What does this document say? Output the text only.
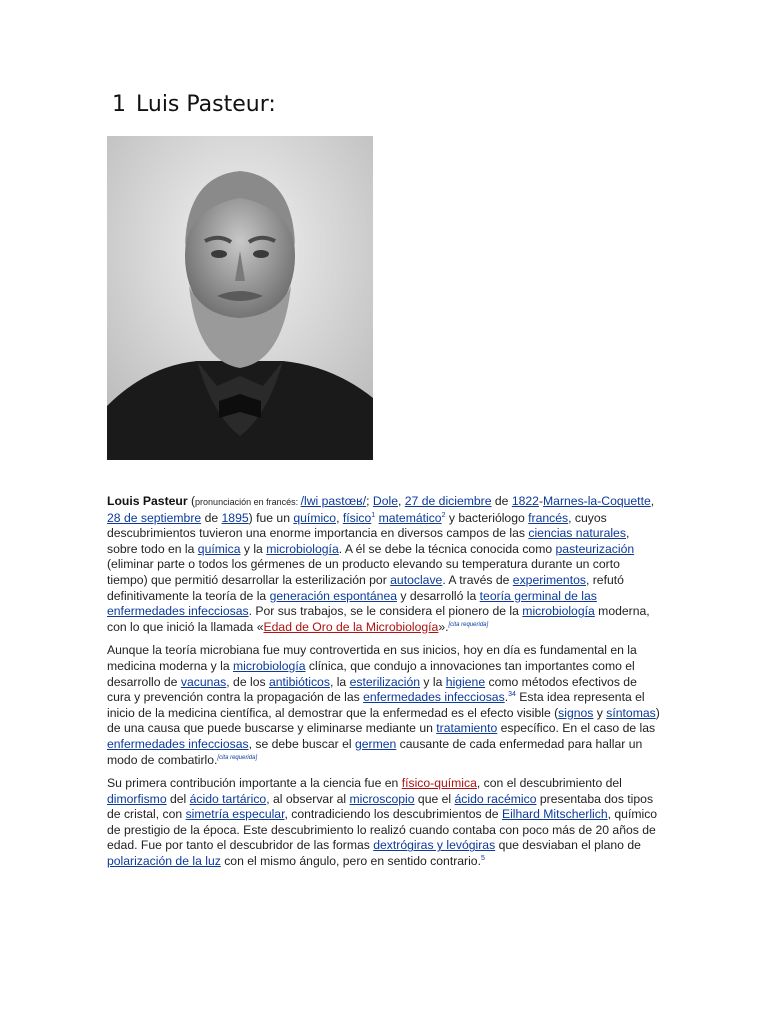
1 Luis Pasteur:

Louis Pasteur (pronunciación en francés: /lwi pastœʁ/; Dole, 27 de diciembre de 1822-Marnes-la-Coquette, 28 de septiembre de 1895) fue un químico, físico$^1$ matemático$^2$ y bacteriólogo francés, cuyos descubrimientos tuvieron una enorme importancia en diversos campos de las ciencias naturales, sobre todo en la química y la microbiología. A él se debe la técnica conocida como pasteurización (eliminar parte o todos los gérmenes de un producto elevando su temperatura durante un corto tiempo) que permitió desarrollar la esterilización por autoclave. A través de experimentos, refutó definitivamente la teoría de la generación espontánea y desarrolló la teoría germinal de las enfermedades infecciosas. Por sus trabajos, se le considera el pionero de la microbiología moderna, con lo que inició la llamada «Edad de Oro de la Microbiología».[cita requerida]

Aunque la teoría microbiana fue muy controvertida en sus inicios, hoy en día es fundamental en la medicina moderna y la microbiología clínica, que condujo a innovaciones tan importantes como el desarrollo de vacunas, de los antibióticos, la esterilización y la higiene como métodos efectivos de cura y prevención contra la propagación de las enfermedades infecciosas.$^{34}$ Esta idea representa el inicio de la medicina científica, al demostrar que la enfermedad es el efecto visible (signos y síntomas) de una causa que puede buscarse y eliminarse mediante un tratamiento específico. En el caso de las enfermedades infecciosas, se debe buscar el germen causante de cada enfermedad para hallar un modo de combatirlo.[cita requerida]

Su primera contribución importante a la ciencia fue en físico-química, con el descubrimiento del dimorfismo del ácido tartárico, al observar al microscopio que el ácido racémico presentaba dos tipos de cristal, con simetría especular, contradiciendo los descubrimientos de Eilhard Mitscherlich, químico de prestigio de la época. Este descubrimiento lo realizó cuando contaba con poco más de 20 años de edad. Fue por tanto el descubridor de las formas dextrógiras y levógiras que desviaban el plano de polarización de la luz con el mismo ángulo, pero en sentido contrario.$^5$
